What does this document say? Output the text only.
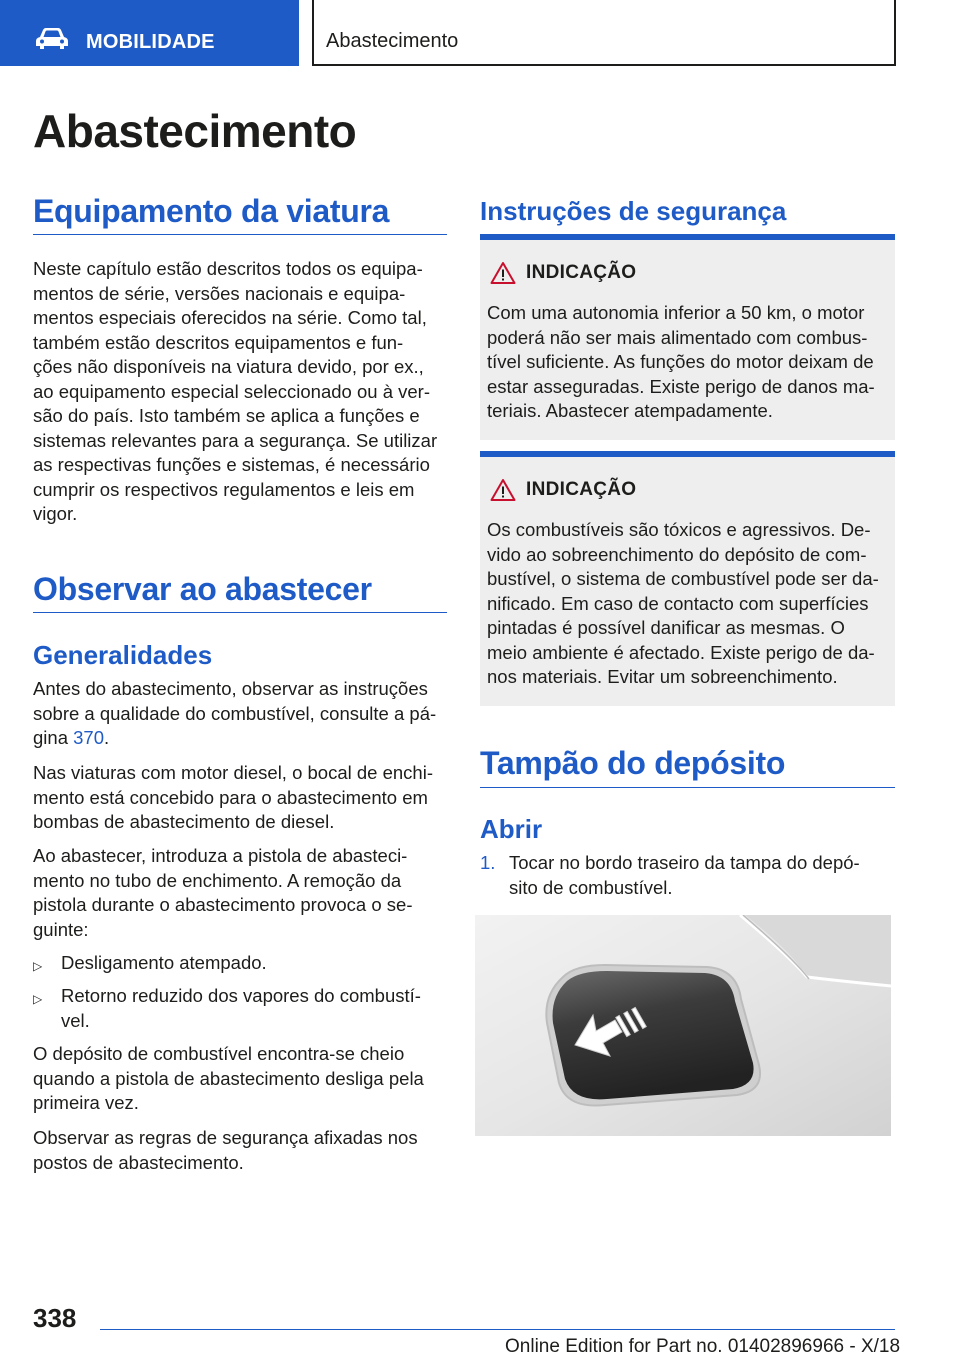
MOBILIDADE	Abastecimento
Abastecimento
Equipamento da viatura
Neste capítulo estão descritos todos os equipa-
mentos de série, versões nacionais e equipa-
mentos especiais oferecidos na série. Como tal,
também estão descritos equipamentos e fun-
ções não disponíveis na viatura devido, por ex.,
ao equipamento especial seleccionado ou à ver-
são do país. Isto também se aplica a funções e
sistemas relevantes para a segurança. Se utilizar
as respectivas funções e sistemas, é necessário
cumprir os respectivos regulamentos e leis em
vigor.
Observar ao abastecer
Generalidades
Antes do abastecimento, observar as instruções
sobre a qualidade do combustível, consulte a pá-
gina 370.
Nas viaturas com motor diesel, o bocal de enchi-
mento está concebido para o abastecimento em
bombas de abastecimento de diesel.
Ao abastecer, introduza a pistola de abasteci-
mento no tubo de enchimento. A remoção da
pistola durante o abastecimento provoca o se-
guinte:
▷ Desligamento atempado.
▷ Retorno reduzido dos vapores do combustí-
vel.
O depósito de combustível encontra-se cheio
quando a pistola de abastecimento desliga pela
primeira vez.
Observar as regras de segurança afixadas nos
postos de abastecimento.
Instruções de segurança
INDICAÇÃO
Com uma autonomia inferior a 50 km, o motor
poderá não ser mais alimentado com combus-
tível suficiente. As funções do motor deixam de
estar asseguradas. Existe perigo de danos ma-
teriais. Abastecer atempadamente.
INDICAÇÃO
Os combustíveis são tóxicos e agressivos. De-
vido ao sobreenchimento do depósito de com-
bustível, o sistema de combustível pode ser da-
nificado. Em caso de contacto com superfícies
pintadas é possível danificar as mesmas. O
meio ambiente é afectado. Existe perigo de da-
nos materiais. Evitar um sobreenchimento.
Tampão do depósito
Abrir
1. Tocar no bordo traseiro da tampa do depó-
sito de combustível.
338
Online Edition for Part no. 01402896966 - X/18
